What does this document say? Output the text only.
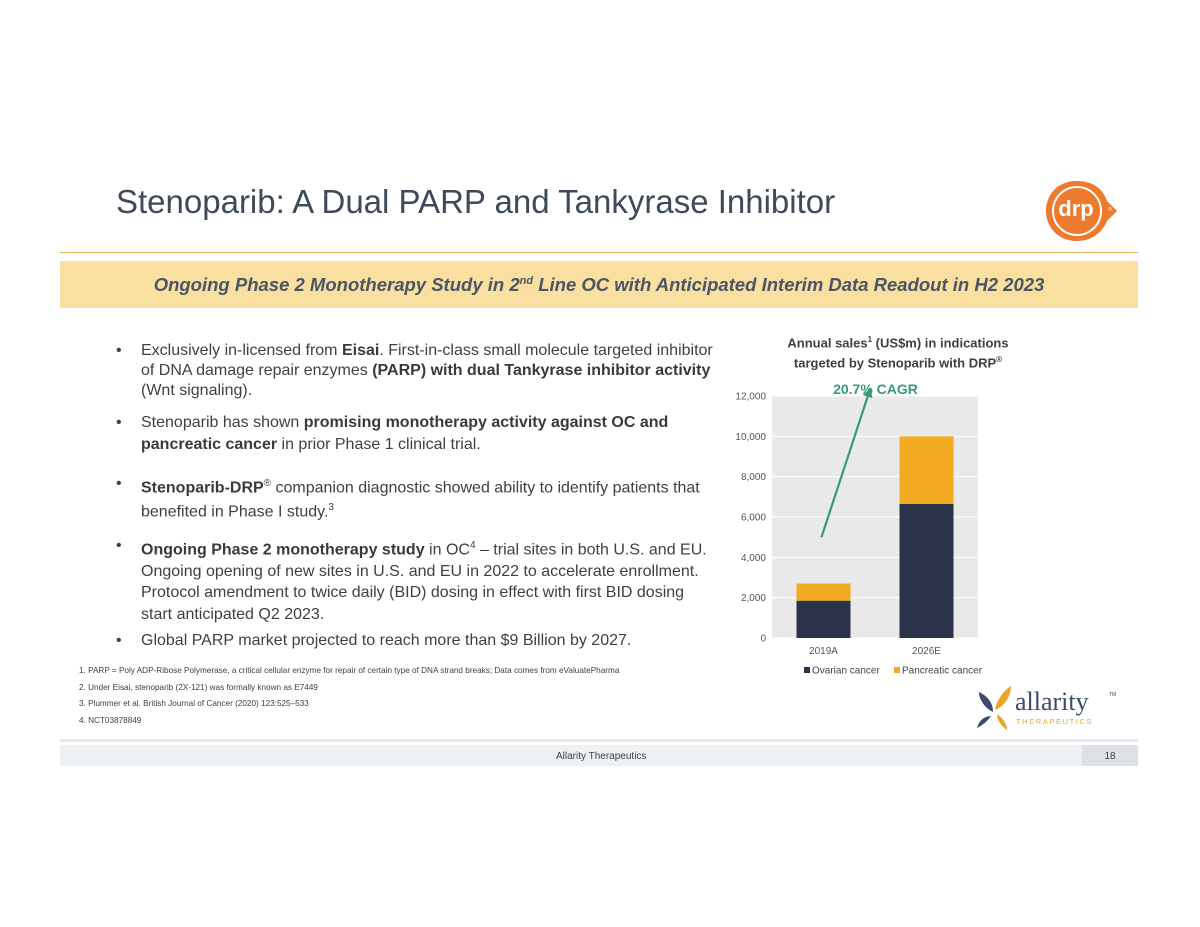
Stenoparib: A Dual PARP and Tankyrase Inhibitor	drp	®
Ongoing Phase 2 Monotherapy Study in 2nd Line OC with Anticipated Interim Data Readout in H2 2023
•	Exclusively in-licensed from Eisai. First-in-class small molecule targeted inhibitor of DNA damage repair enzymes (PARP) with dual Tankyrase inhibitor activity (Wnt signaling).
•	Stenoparib has shown promising monotherapy activity against OC and pancreatic cancer in prior Phase 1 clinical trial.
•	Stenoparib-DRP® companion diagnostic showed ability to identify patients that benefited in Phase I study.$^3$
•	Ongoing Phase 2 monotherapy study in $OC^4$ – trial sites in both U.S. and EU. Ongoing opening of new sites in U.S. and EU in 2022 to accelerate enrollment. Protocol amendment to twice daily (BID) dosing in effect with first BID dosing start anticipated Q2 2023.
•	Global PARP market projected to reach more than $9 Billion by 2027.
1. PARP = Poly ADP-Ribose Polymerase, a critical cellular enzyme for repair of certain type of DNA strand breaks; Data comes from eValuatePharma
2. Under Eisai, stenoparib (2X-121) was formally known as E7449
3. Plummer et al. British Journal of Cancer (2020) 123:525–533
4. NCT03878849
Annual sales$^1$ (US$m) in indications
targeted by Stenoparib with DRP®
0
2,000
4,000
6,000
8,000
10,000
12,000
2019A	2026E
20.7% CAGR
Ovarian cancer Pancreatic cancer
allarity	TM
THERAPEUTICS
Allarity Therapeutics	18
